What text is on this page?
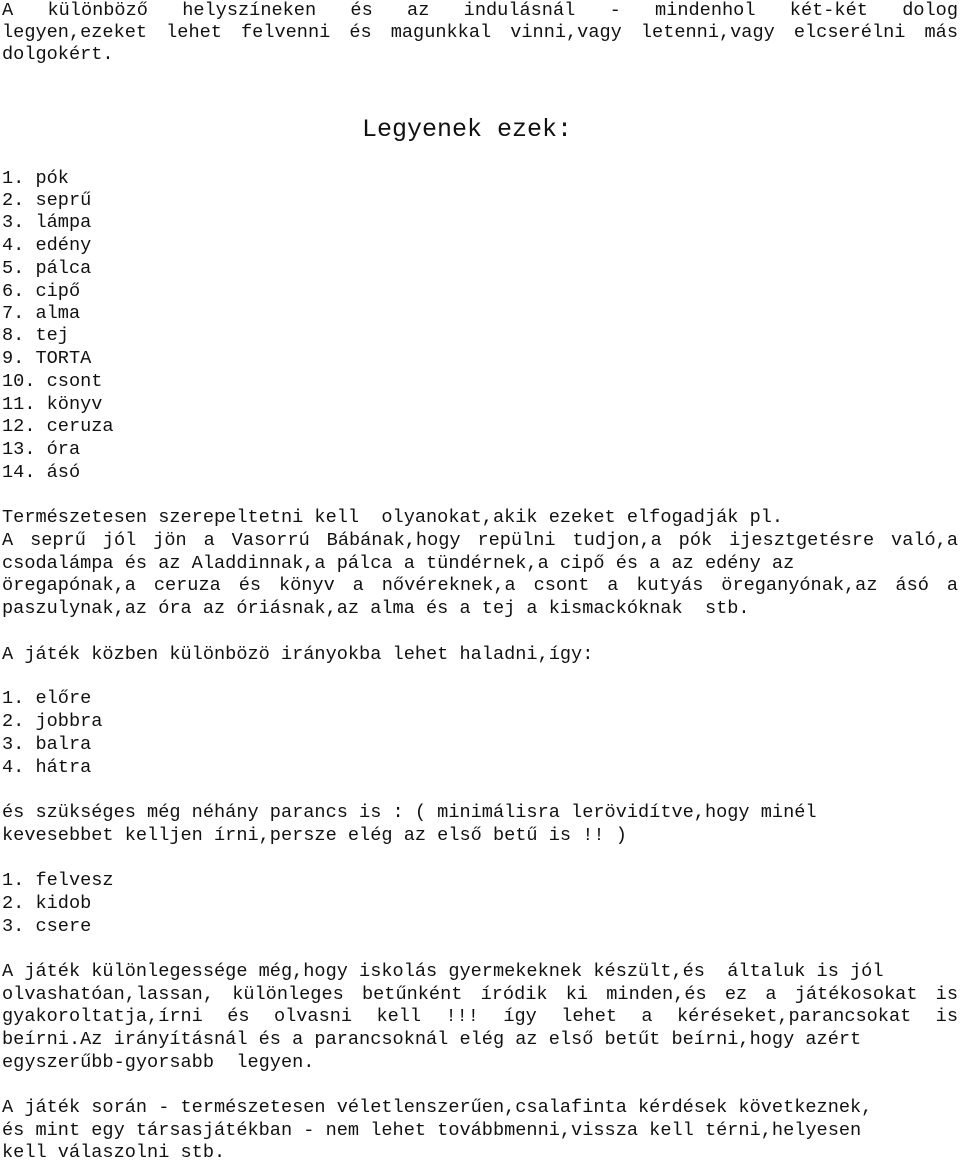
A különböző helyszíneken és az indulásnál - mindenhol két-két dolog
legyen,ezeket lehet felvenni és magunkkal vinni,vagy letenni,vagy elcserélni más
dolgokért.
Legyenek ezek:
1. pók
2. seprű
3. lámpa
4. edény
5. pálca
6. cipő
7. alma
8. tej
9. TORTA
10. csont
11. könyv
12. ceruza
13. óra
14. ásó
Természetesen szerepeltetni kell  olyanokat,akik ezeket elfogadják pl.
A seprű jól jön a Vasorrú Bábának,hogy repülni tudjon,a pók ijesztgetésre való,a
csodalámpa és az Aladdinnak,a pálca a tündérnek,a cipő és a az edény az
öregapónak,a ceruza és könyv a nővéreknek,a csont a kutyás öreganyónak,az ásó a
paszulynak,az óra az óriásnak,az alma és a tej a kismackóknak  stb.
A játék közben különbözö irányokba lehet haladni,így:
1. előre
2. jobbra
3. balra
4. hátra
és szükséges még néhány parancs is : ( minimálisra lerövidítve,hogy minél
kevesebbet kelljen írni,persze elég az első betű is !! )
1. felvesz
2. kidob
3. csere
A játék különlegessége még,hogy iskolás gyermekeknek készült,és  általuk is jól
olvashatóan,lassan, különleges betűnként íródik ki minden,és ez a játékosokat is
gyakoroltatja,írni és olvasni kell !!! így lehet a kéréseket,parancsokat is
beírni.Az irányításnál és a parancsoknál elég az első betűt beírni,hogy azért
egyszerűbb-gyorsabb  legyen.
A játék során - természetesen véletlenszerűen,csalafinta kérdések következnek,
és mint egy társasjátékban - nem lehet továbbmenni,vissza kell térni,helyesen
kell válaszolni stb.
